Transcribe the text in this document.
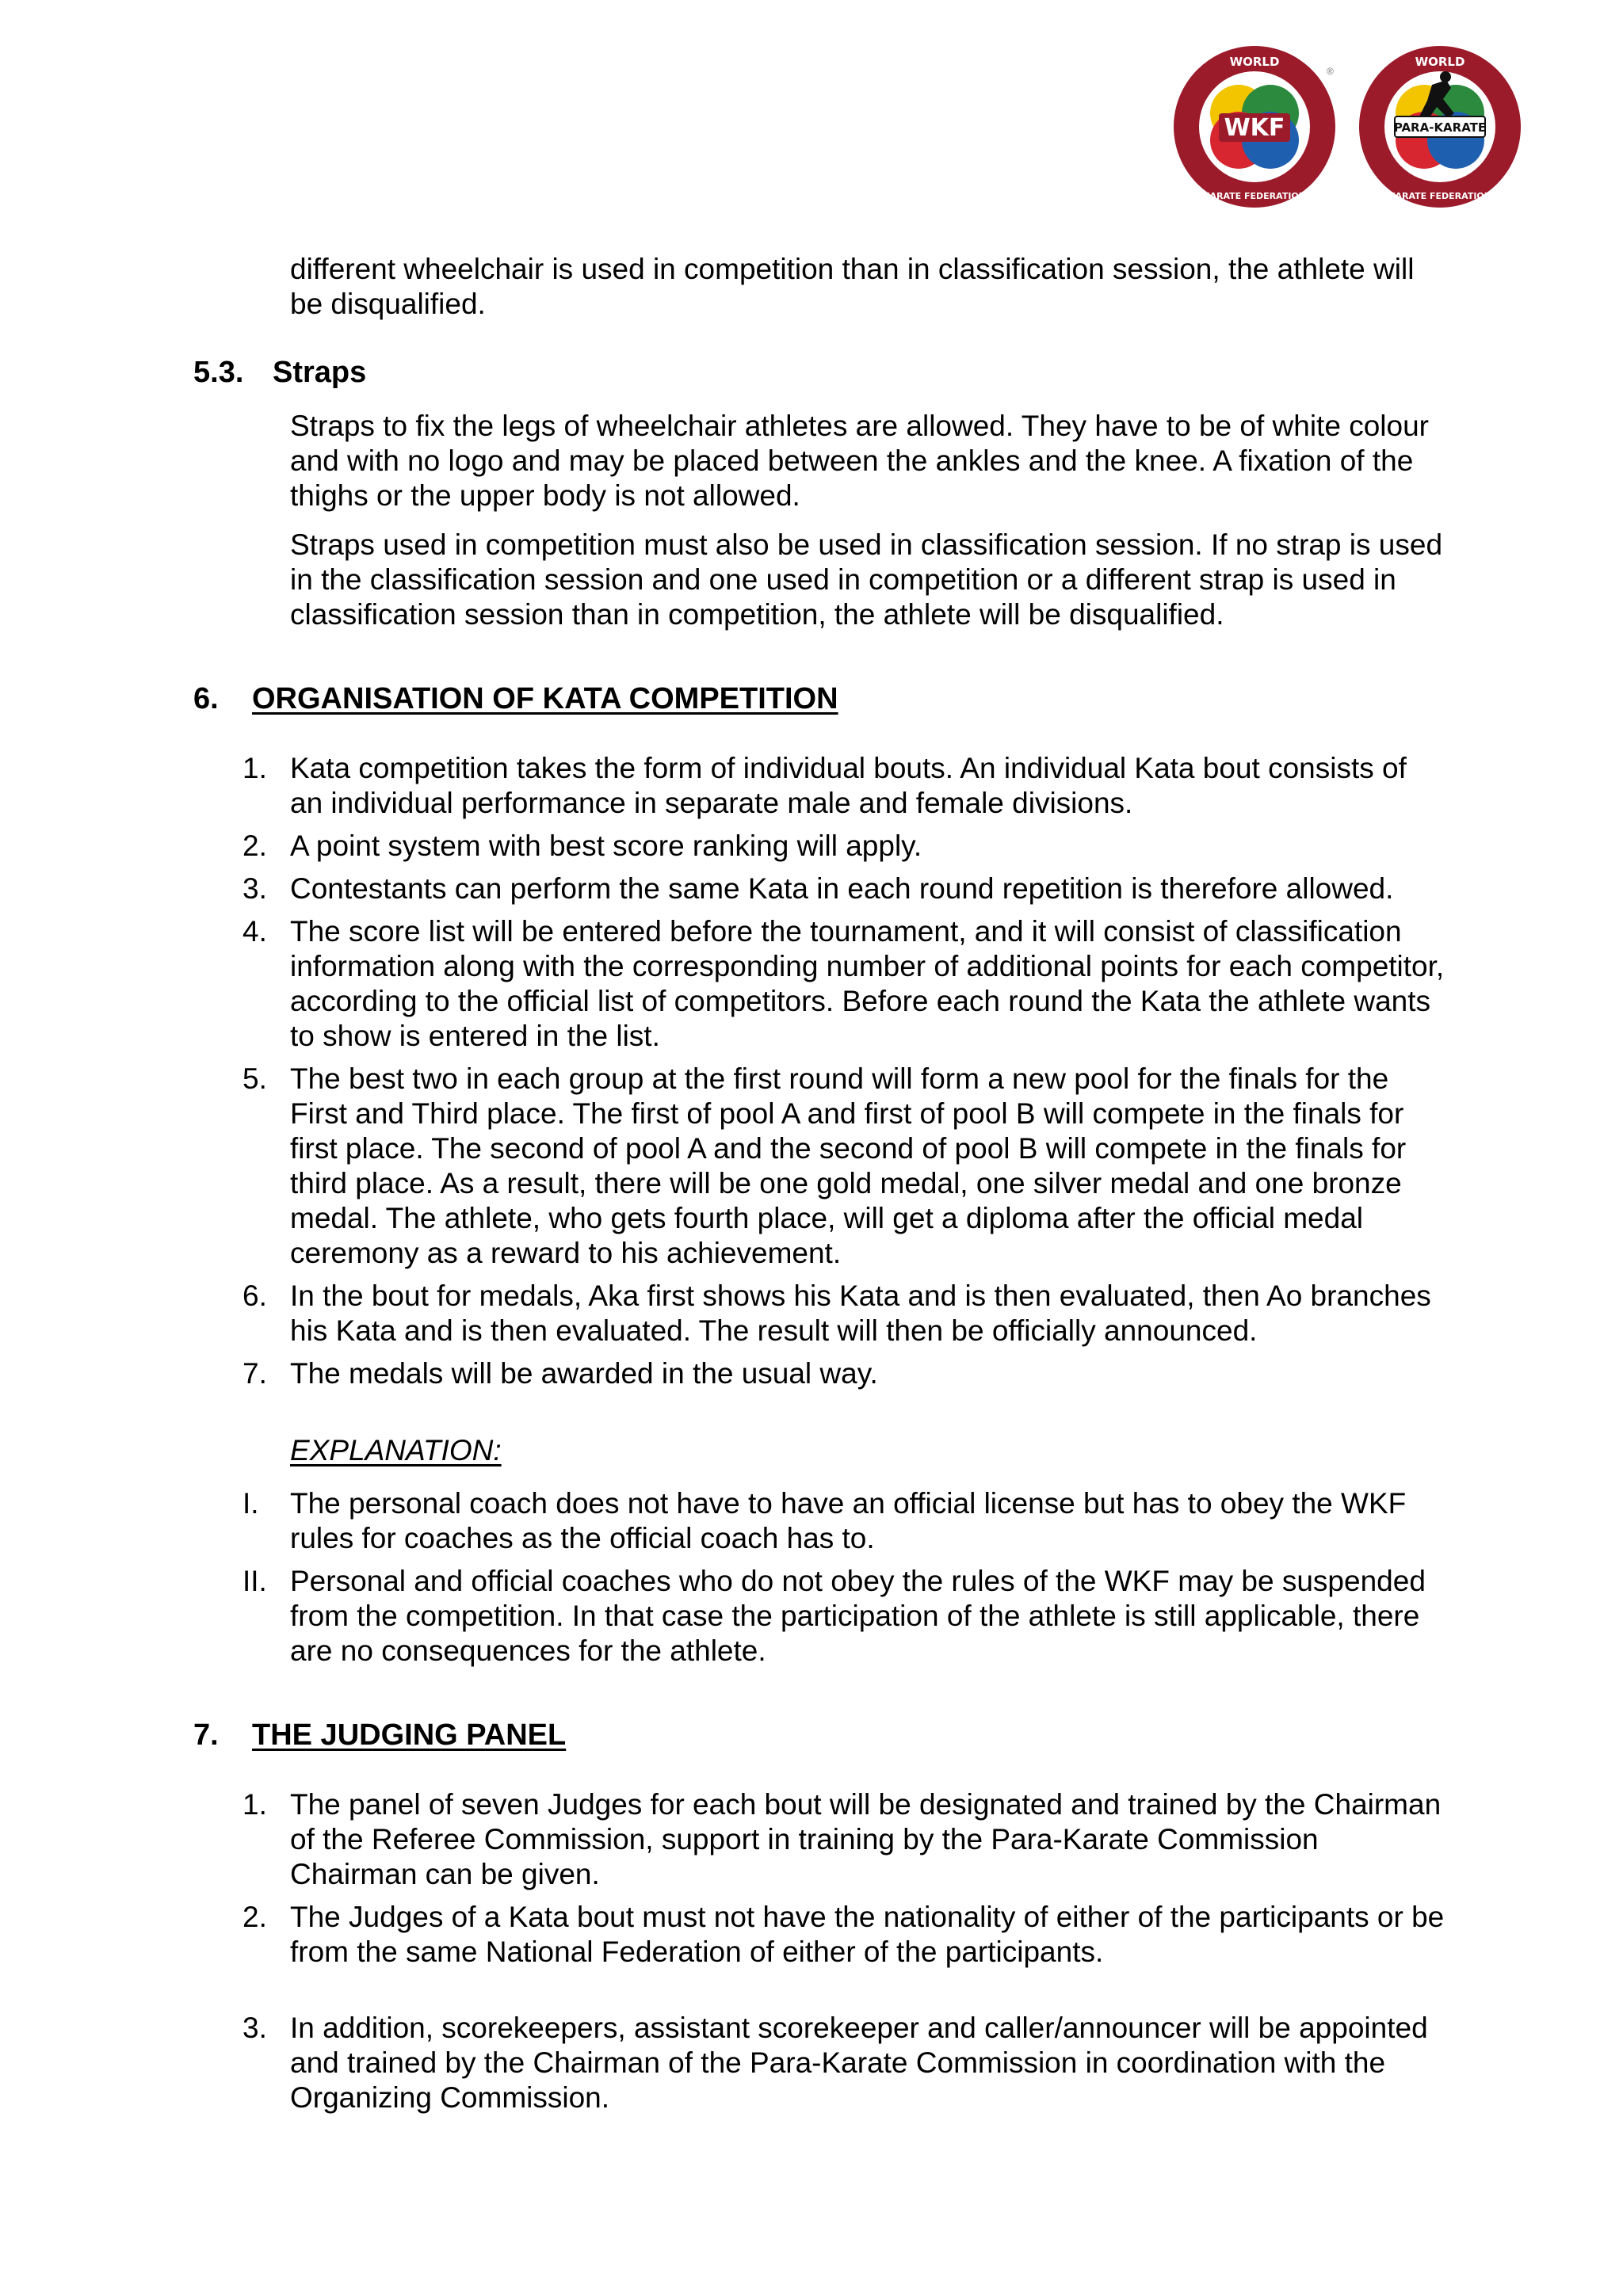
WKF
WORLD
KARATE FEDERATION
®
PARA-KARATE
WORLD
KARATE FEDERATION

different wheelchair is used in competition than in classification session, the athlete will be disqualified.

5.3. Straps

Straps to fix the legs of wheelchair athletes are allowed. They have to be of white colour and with no logo and may be placed between the ankles and the knee. A fixation of the thighs or the upper body is not allowed.

Straps used in competition must also be used in classification session. If no strap is used in the classification session and one used in competition or a different strap is used in classification session than in competition, the athlete will be disqualified.

6. ORGANISATION OF KATA COMPETITION
1. Kata competition takes the form of individual bouts. An individual Kata bout consists of an individual performance in separate male and female divisions.
2. A point system with best score ranking will apply.
3. Contestants can perform the same Kata in each round repetition is therefore allowed.
4. The score list will be entered before the tournament, and it will consist of classification information along with the corresponding number of additional points for each competitor, according to the official list of competitors. Before each round the Kata the athlete wants to show is entered in the list.
5. The best two in each group at the first round will form a new pool for the finals for the First and Third place. The first of pool A and first of pool B will compete in the finals for first place. The second of pool A and the second of pool B will compete in the finals for third place. As a result, there will be one gold medal, one silver medal and one bronze medal. The athlete, who gets fourth place, will get a diploma after the official medal ceremony as a reward to his achievement.
6. In the bout for medals, Aka first shows his Kata and is then evaluated, then Ao branches his Kata and is then evaluated. The result will then be officially announced.
7. The medals will be awarded in the usual way.
EXPLANATION:
I. The personal coach does not have to have an official license but has to obey the WKF rules for coaches as the official coach has to.
II. Personal and official coaches who do not obey the rules of the WKF may be suspended from the competition. In that case the participation of the athlete is still applicable, there are no consequences for the athlete.
7. THE JUDGING PANEL
1. The panel of seven Judges for each bout will be designated and trained by the Chairman of the Referee Commission, support in training by the Para-Karate Commission Chairman can be given.
2. The Judges of a Kata bout must not have the nationality of either of the participants or be from the same National Federation of either of the participants.
3. In addition, scorekeepers, assistant scorekeeper and caller/announcer will be appointed and trained by the Chairman of the Para-Karate Commission in coordination with the Organizing Commission.
